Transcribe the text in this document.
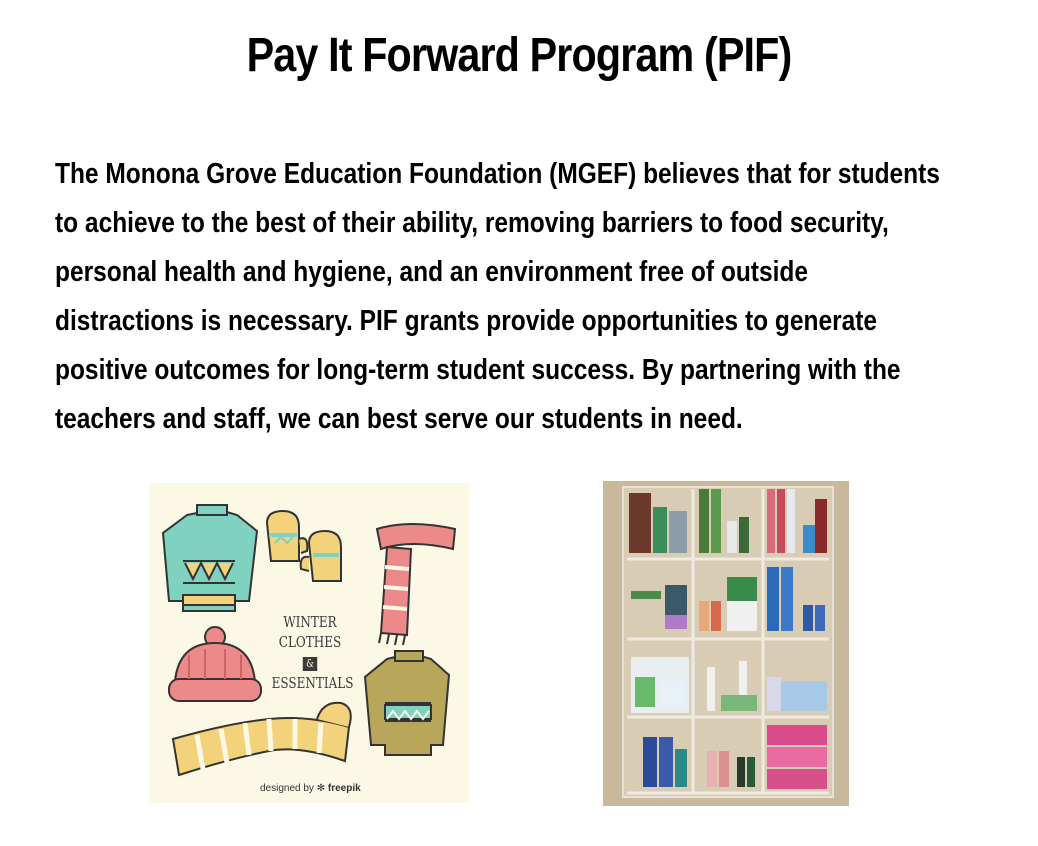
Pay It Forward Program (PIF)
The Monona Grove Education Foundation (MGEF) believes that for students
to achieve to the best of their ability, removing barriers to food security,
personal health and hygiene, and an environment free of outside
distractions is necessary. PIF grants provide opportunities to generate
positive outcomes for long-term student success. By partnering with the
teachers and staff, we can best serve our students in need.
WINTER CLOTHES
&
ESSENTIALS
designed by ✻ freepik
